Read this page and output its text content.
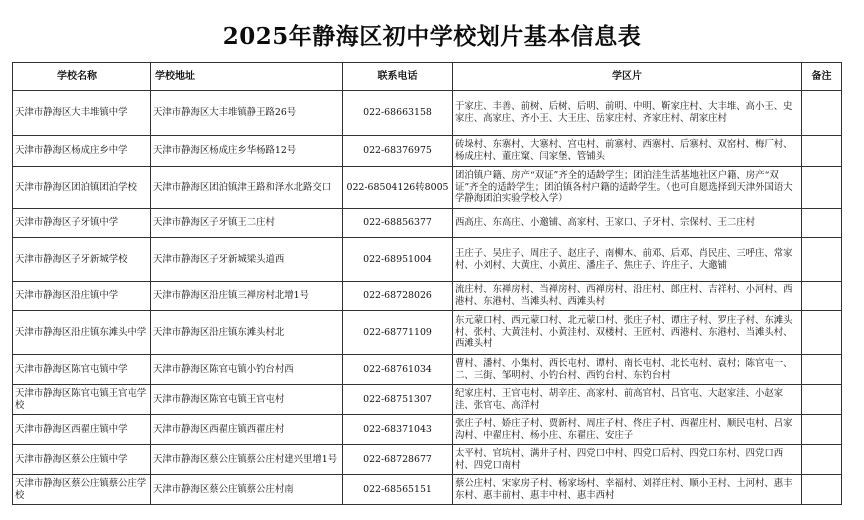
2025年静海区初中学校划片基本信息表
学校名称	学校地址	联系电话	学区片	备注
天津市静海区大丰堆镇中学	天津市静海区大丰堆镇静王路26号	022-68663158	于家庄、丰善、前树、后树、后明、前明、中明、靳家庄村、大丰堆、高小王、史家庄、高家庄、齐小王、大王庄、岳家庄村、齐家庄村、胡家庄村	
天津市静海区杨成庄乡中学	天津市静海区杨成庄乡华杨路12号	022-68376975	砖垛村、东寨村、大寨村、宫屯村、前寨村、西寨村、后寨村、双窑村、梅厂村、杨成庄村、董庄窠、闫家堡、管铺头	
天津市静海区团泊镇团泊学校	天津市静海区团泊镇津王路和泽水北路交口	022-68504126转8005	团泊镇户籍、房产“双证”齐全的适龄学生；团泊洼生活基地社区户籍、房产“双证”齐全的适龄学生；团泊镇各村户籍的适龄学生。（也可自愿选择到天津外国语大学静海团泊实验学校入学）	
天津市静海区子牙镇中学	天津市静海区子牙镇王二庄村	022-68856377	西高庄、东高庄、小邀铺、高家村、王家口、子牙村、宗保村、王二庄村	
天津市静海区子牙新城学校	天津市静海区子牙新城梁头道西	022-68951004	王庄子、吴庄子、周庄子、赵庄子、南柳木、前邓、后邓、肖民庄、三呼庄、常家村、小刘村、大黄庄、小黄庄、潘庄子、焦庄子、许庄子、大邀铺	
天津市静海区沿庄镇中学	天津市静海区沿庄镇三禅房村北增1号	022-68728026	流庄村、东禅房村、当禅房村、西禅房村、沿庄村、郎庄村、吉祥村、小河村、西港村、东港村、当滩头村、西滩头村	
天津市静海区沿庄镇东滩头中学	天津市静海区沿庄镇东滩头村北	022-68771109	东元蒙口村、西元蒙口村、北元蒙口村、张庄子村、谭庄子村、罗庄子村、东滩头村、张村、大黄洼村、小黄洼村、双楼村、王匠村、西港村、东港村、当滩头村、西滩头村	
天津市静海区陈官屯镇中学	天津市静海区陈官屯镇小钓台村西	022-68761034	曹村、潘村、小集村、西长屯村、谭村、南长屯村、北长屯村、袁村；陈官屯一、二、三街、邹明村、小钓台村、西钓台村、东钓台村	
天津市静海区陈官屯镇王官屯学校	天津市静海区陈官屯镇王官屯村	022-68751307	纪家庄村、王官屯村、胡辛庄、高家村、前高官村、吕官屯、大赵家洼、小赵家洼、张官屯、高洋村	
天津市静海区西翟庄镇中学	天津市静海区西翟庄镇西翟庄村	022-68371043	张庄子村、娇庄子村、贾新村、周庄子村、佟庄子村、西翟庄村、顺民屯村、吕家沟村、中翟庄村、杨小庄、东翟庄、安庄子	
天津市静海区蔡公庄镇中学	天津市静海区蔡公庄镇蔡公庄村建兴里增1号	022-68728677	太平村、官坑村、满井子村、四党口中村、四党口后村、四党口东村、四党口西村、四党口南村	
天津市静海区蔡公庄镇蔡公庄学校	天津市静海区蔡公庄镇蔡公庄村南	022-68565151	蔡公庄村、宋家房子村、杨家场村、幸福村、刘祥庄村、顺小王村、土河村、惠丰东村、惠丰前村、惠丰中村、惠丰西村	
